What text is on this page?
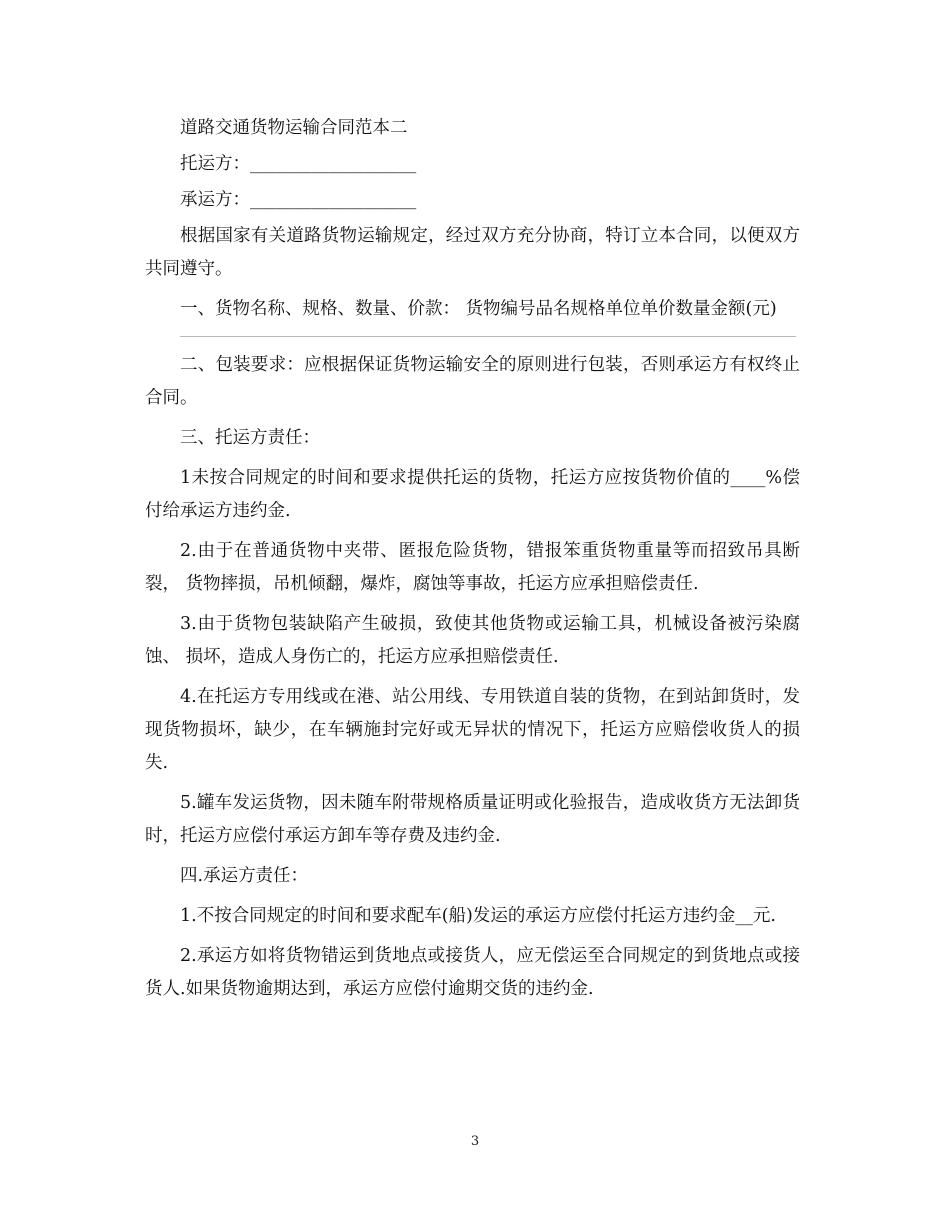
道路交通货物运输合同范本二

托运方：___________________

承运方：___________________

根据国家有关道路货物运输规定，经过双方充分协商，特订立本合同，以便双方共同遵守。

一、货物名称、规格、数量、价款： 货物编号品名规格单位单价数量金额(元)

二、包装要求：应根据保证货物运输安全的原则进行包装，否则承运方有权终止合同。

三、托运方责任：

1未按合同规定的时间和要求提供托运的货物，托运方应按货物价值的____%偿 付给承运方违约金.

2.由于在普通货物中夹带、匿报危险货物，错报笨重货物重量等而招致吊具断裂， 货物摔损，吊机倾翻，爆炸，腐蚀等事故，托运方应承担赔偿责任.

3.由于货物包装缺陷产生破损，致使其他货物或运输工具，机械设备被污染腐蚀、 损坏，造成人身伤亡的，托运方应承担赔偿责任.

4.在托运方专用线或在港、站公用线、专用铁道自装的货物，在到站卸货时，发 现货物损坏，缺少，在车辆施封完好或无异状的情况下，托运方应赔偿收货人的损 失.

5.罐车发运货物，因未随车附带规格质量证明或化验报告，造成收货方无法卸货 时，托运方应偿付承运方卸车等存费及违约金.

四.承运方责任：

1.不按合同规定的时间和要求配车(船)发运的承运方应偿付托运方违约金__元.

2.承运方如将货物错运到货地点或接货人，应无偿运至合同规定的到货地点或接 货人.如果货物逾期达到，承运方应偿付逾期交货的违约金.

3
